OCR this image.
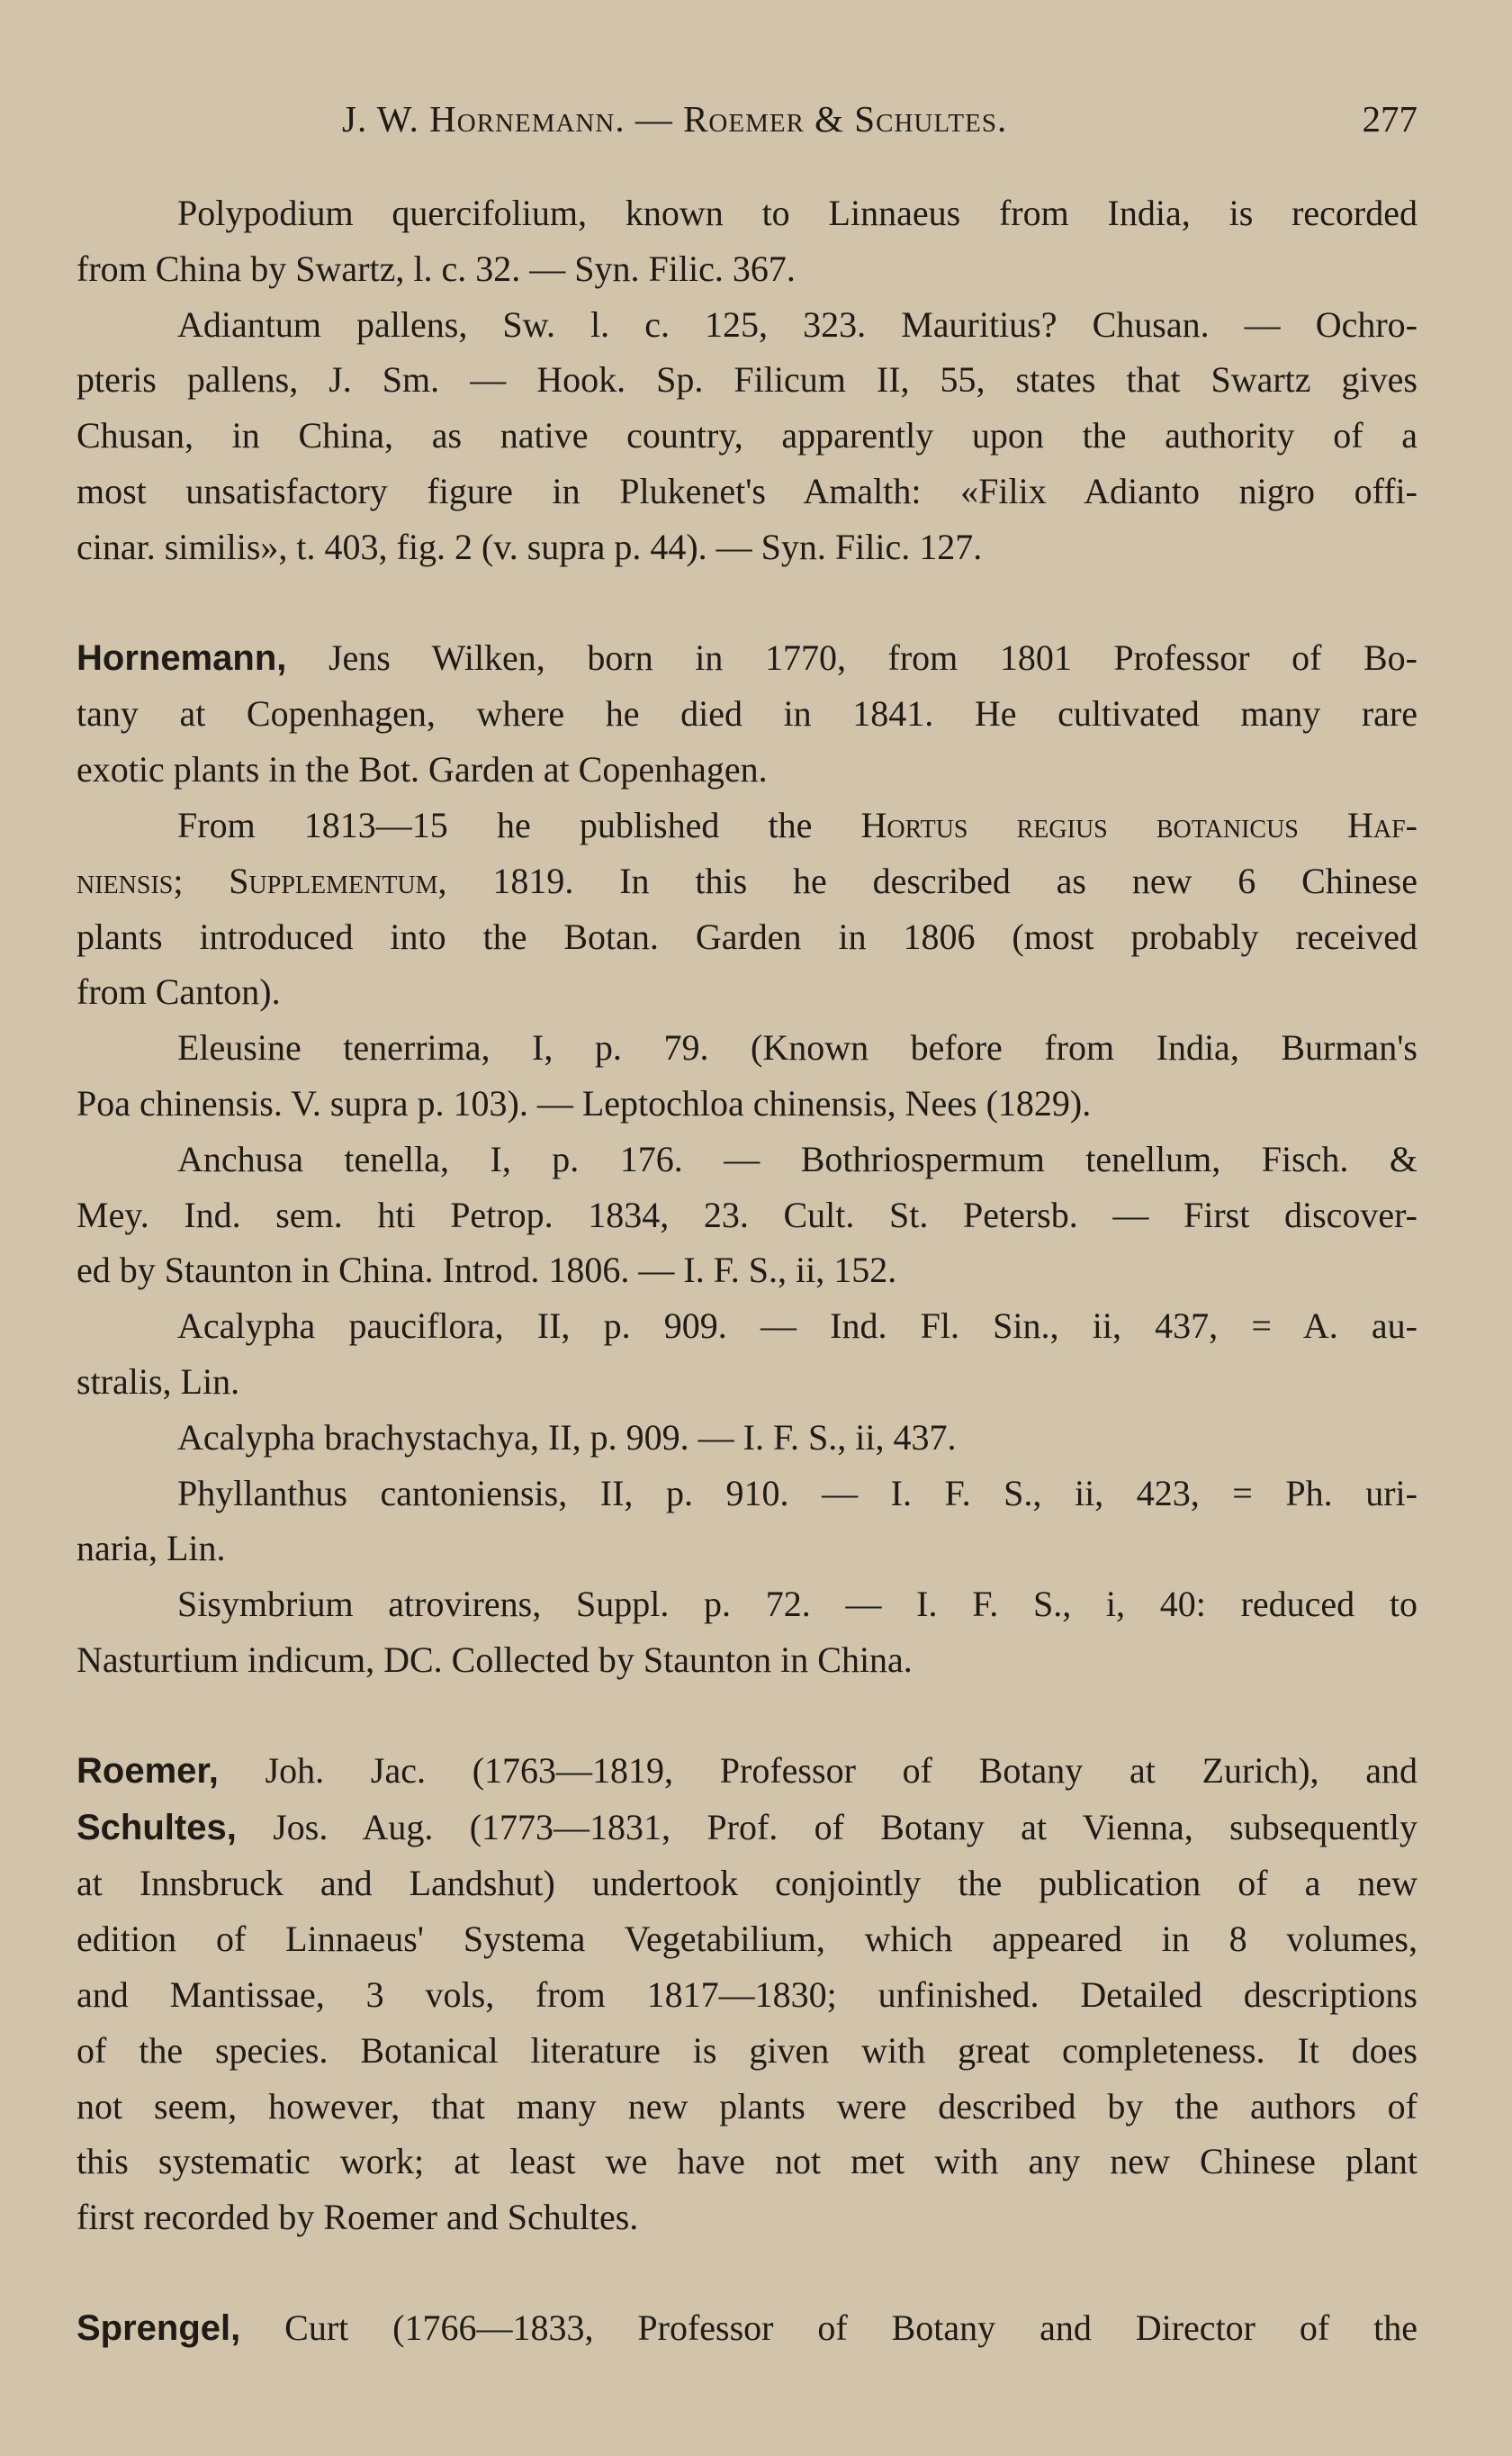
J. W. Hornemann. — Roemer & Schultes.	277

Polypodium quercifolium, known to Linnaeus from India, is recorded
from China by Swartz, l. c. 32. — Syn. Filic. 367.

Adiantum pallens, Sw. l. c. 125, 323. Mauritius? Chusan. — Ochro-
pteris pallens, J. Sm. — Hook. Sp. Filicum II, 55, states that Swartz gives
Chusan, in China, as native country, apparently upon the authority of a
most unsatisfactory figure in Plukenet's Amalth: «Filix Adianto nigro offi-
cinar. similis», t. 403, fig. 2 (v. supra p. 44). — Syn. Filic. 127.

Hornemann, Jens Wilken, born in 1770, from 1801 Professor of Bo-
tany at Copenhagen, where he died in 1841. He cultivated many rare
exotic plants in the Bot. Garden at Copenhagen.

From 1813—15 he published the Hortus regius botanicus Haf-
niensis; Supplementum, 1819. In this he described as new 6 Chinese
plants introduced into the Botan. Garden in 1806 (most probably received
from Canton).

Eleusine tenerrima, I, p. 79. (Known before from India, Burman's
Poa chinensis. V. supra p. 103). — Leptochloa chinensis, Nees (1829).

Anchusa tenella, I, p. 176. — Bothriospermum tenellum, Fisch. &
Mey. Ind. sem. hti Petrop. 1834, 23. Cult. St. Petersb. — First discover-
ed by Staunton in China. Introd. 1806. — I. F. S., ii, 152.

Acalypha pauciflora, II, p. 909. — Ind. Fl. Sin., ii, 437, = A. au-
stralis, Lin.

Acalypha brachystachya, II, p. 909. — I. F. S., ii, 437.

Phyllanthus cantoniensis, II, p. 910. — I. F. S., ii, 423, = Ph. uri-
naria, Lin.

Sisymbrium atrovirens, Suppl. p. 72. — I. F. S., i, 40: reduced to
Nasturtium indicum, DC. Collected by Staunton in China.

Roemer, Joh. Jac. (1763—1819, Professor of Botany at Zurich), and
Schultes, Jos. Aug. (1773—1831, Prof. of Botany at Vienna, subsequently
at Innsbruck and Landshut) undertook conjointly the publication of a new
edition of Linnaeus' Systema Vegetabilium, which appeared in 8 volumes,
and Mantissae, 3 vols, from 1817—1830; unfinished. Detailed descriptions
of the species. Botanical literature is given with great completeness. It does
not seem, however, that many new plants were described by the authors of
this systematic work; at least we have not met with any new Chinese plant
first recorded by Roemer and Schultes.

Sprengel, Curt (1766—1833, Professor of Botany and Director of the
